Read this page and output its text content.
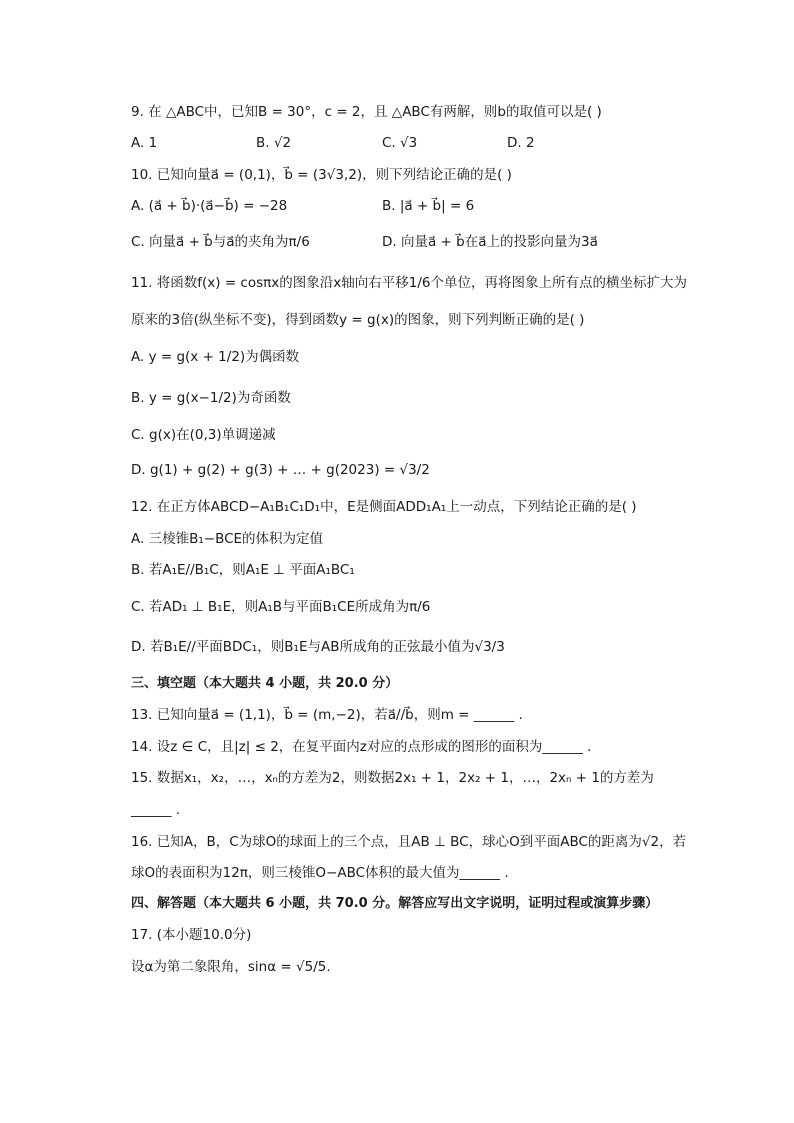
9. 在 △ABC中，已知B = 30°，c = 2，且 △ABC有两解，则b的取值可以是( )
A. 1	B. √2	C. √3	D. 2
10. 已知向量a⃗ = (0,1)，b⃗ = (3√3,2)，则下列结论正确的是( )
A. (a⃗ + b⃗)·(a⃗−b⃗) = −28	B. |a⃗ + b⃗| = 6
C. 向量a⃗ + b⃗与a⃗的夹角为π/6	D. 向量a⃗ + b⃗在a⃗上的投影向量为3a⃗
11. 将函数f(x) = cosπx的图象沿x轴向右平移1/6个单位，再将图象上所有点的横坐标扩大为
原来的3倍(纵坐标不变)，得到函数y = g(x)的图象，则下列判断正确的是( )
A. y = g(x + 1/2)为偶函数
B. y = g(x−1/2)为奇函数
C. g(x)在(0,3)单调递减
D. g(1) + g(2) + g(3) + … + g(2023) = √3/2
12. 在正方体ABCD−A₁B₁C₁D₁中，E是侧面ADD₁A₁上一动点，下列结论正确的是( )
A. 三棱锥B₁−BCE的体积为定值
B. 若A₁E//B₁C，则A₁E ⊥ 平面A₁BC₁
C. 若AD₁ ⊥ B₁E，则A₁B与平面B₁CE所成角为π/6
D. 若B₁E//平面BDC₁，则B₁E与AB所成角的正弦最小值为√3/3
三、填空题（本大题共 4 小题，共 20.0 分）
13. 已知向量a⃗ = (1,1)，b⃗ = (m,−2)，若a⃗//b⃗，则m = ______ .
14. 设z ∈ C，且|z| ≤ 2，在复平面内z对应的点形成的图形的面积为______ .
15. 数据x₁，x₂，…，xₙ的方差为2，则数据2x₁ + 1，2x₂ + 1，…，2xₙ + 1的方差为
______ .
16. 已知A，B，C为球O的球面上的三个点，且AB ⊥ BC，球心O到平面ABC的距离为√2，若
球O的表面积为12π，则三棱锥O−ABC体积的最大值为______ .
四、解答题（本大题共 6 小题，共 70.0 分。解答应写出文字说明，证明过程或演算步骤）
17. (本小题10.0分)
设α为第二象限角，sinα = √5/5.
